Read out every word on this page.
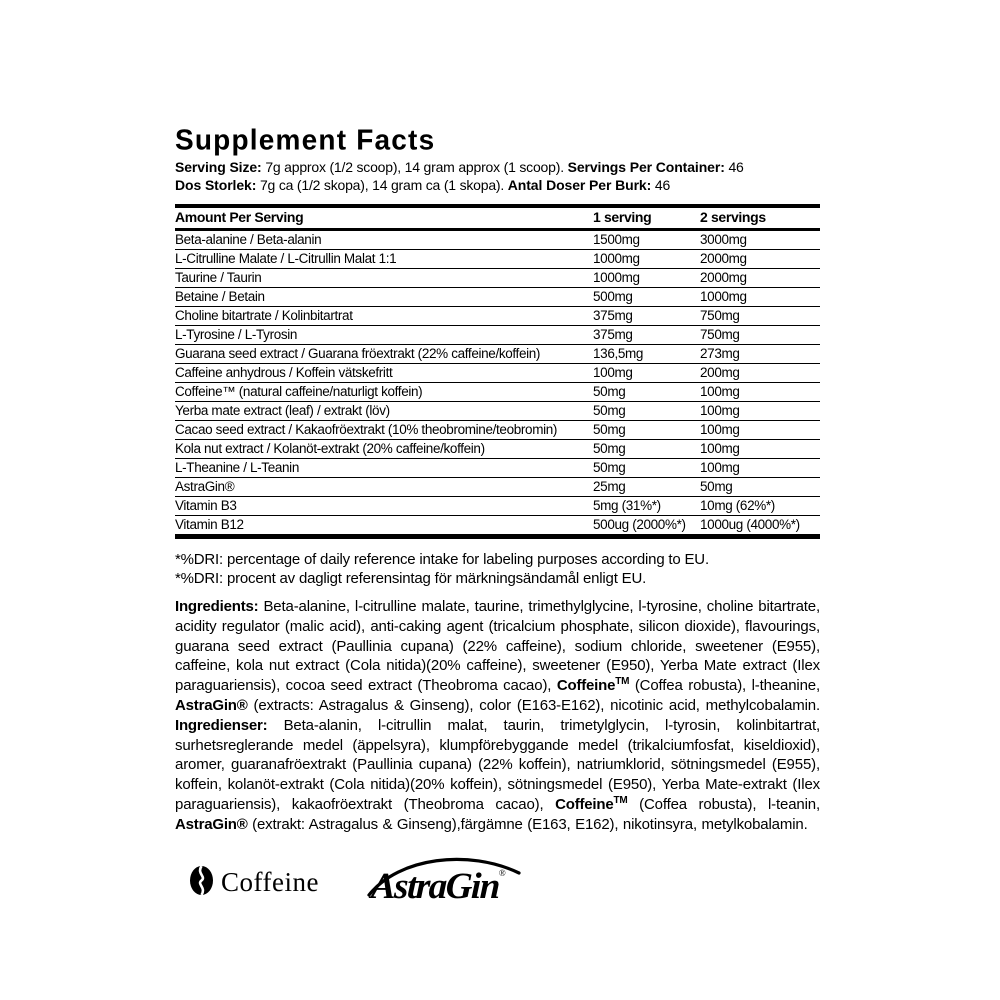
Supplement Facts
Serving Size: 7g approx (1/2 scoop), 14 gram approx (1 scoop). Servings Per Container: 46
Dos Storlek: 7g ca (1/2 skopa), 14 gram ca (1 skopa). Antal Doser Per Burk: 46
Amount Per Serving	1 serving	2 servings
Beta-alanine / Beta-alanin	1500mg	3000mg
L-Citrulline Malate / L-Citrullin Malat 1:1	1000mg	2000mg
Taurine / Taurin	1000mg	2000mg
Betaine / Betain	500mg	1000mg
Choline bitartrate / Kolinbitartrat	375mg	750mg
L-Tyrosine / L-Tyrosin	375mg	750mg
Guarana seed extract / Guarana fröextrakt (22% caffeine/koffein)	136,5mg	273mg
Caffeine anhydrous / Koffein vätskefritt	100mg	200mg
Coffeine™ (natural caffeine/naturligt koffein)	50mg	100mg
Yerba mate extract (leaf) / extrakt (löv)	50mg	100mg
Cacao seed extract / Kakaofröextrakt (10% theobromine/teobromin)	50mg	100mg
Kola nut extract / Kolanöt-extrakt (20% caffeine/koffein)	50mg	100mg
L-Theanine / L-Teanin	50mg	100mg
AstraGin®	25mg	50mg
Vitamin B3	5mg (31%*)	10mg (62%*)
Vitamin B12	500ug (2000%*)	1000ug (4000%*)
*%DRI: percentage of daily reference intake for labeling purposes according to EU.
*%DRI: procent av dagligt referensintag för märkningsändamål enligt EU.
Ingredients: Beta-alanine, l-citrulline malate, taurine, trimethylglycine, l-tyrosine, choline bitartrate, acidity regulator (malic acid), anti-caking agent (tricalcium phosphate, silicon dioxide), flavourings, guarana seed extract (Paullinia cupana) (22% caffeine), sodium chloride, sweetener (E955), caffeine, kola nut extract (Cola nitida)(20% caffeine), sweetener (E950), Yerba Mate extract (Ilex paraguariensis), cocoa seed extract (Theobroma cacao), Coffeine™ (Coffea robusta), l-theanine, AstraGin® (extracts: Astragalus & Ginseng), color (E163-E162), nicotinic acid, methylcobalamin. Ingredienser: Beta-alanin, l-citrullin malat, taurin, trimetylglycin, l-tyrosin, kolinbitartrat, surhetsreglerande medel (äppelsyra), klumpförebyggande medel (trikalciumfosfat, kiseldioxid), aromer, guaranafröextrakt (Paullinia cupana) (22% koffein), natriumklorid, sötningsmedel (E955), koffein, kolanöt-extrakt (Cola nitida)(20% koffein), sötningsmedel (E950), Yerba Mate-extrakt (Ilex paraguariensis), kakaofröextrakt (Theobroma cacao), Coffeine™ (Coffea robusta), l-teanin, AstraGin® (extrakt: Astragalus & Ginseng),färgämne (E163, E162), nikotinsyra, metylkobalamin.
Coffeine AstraGin®
